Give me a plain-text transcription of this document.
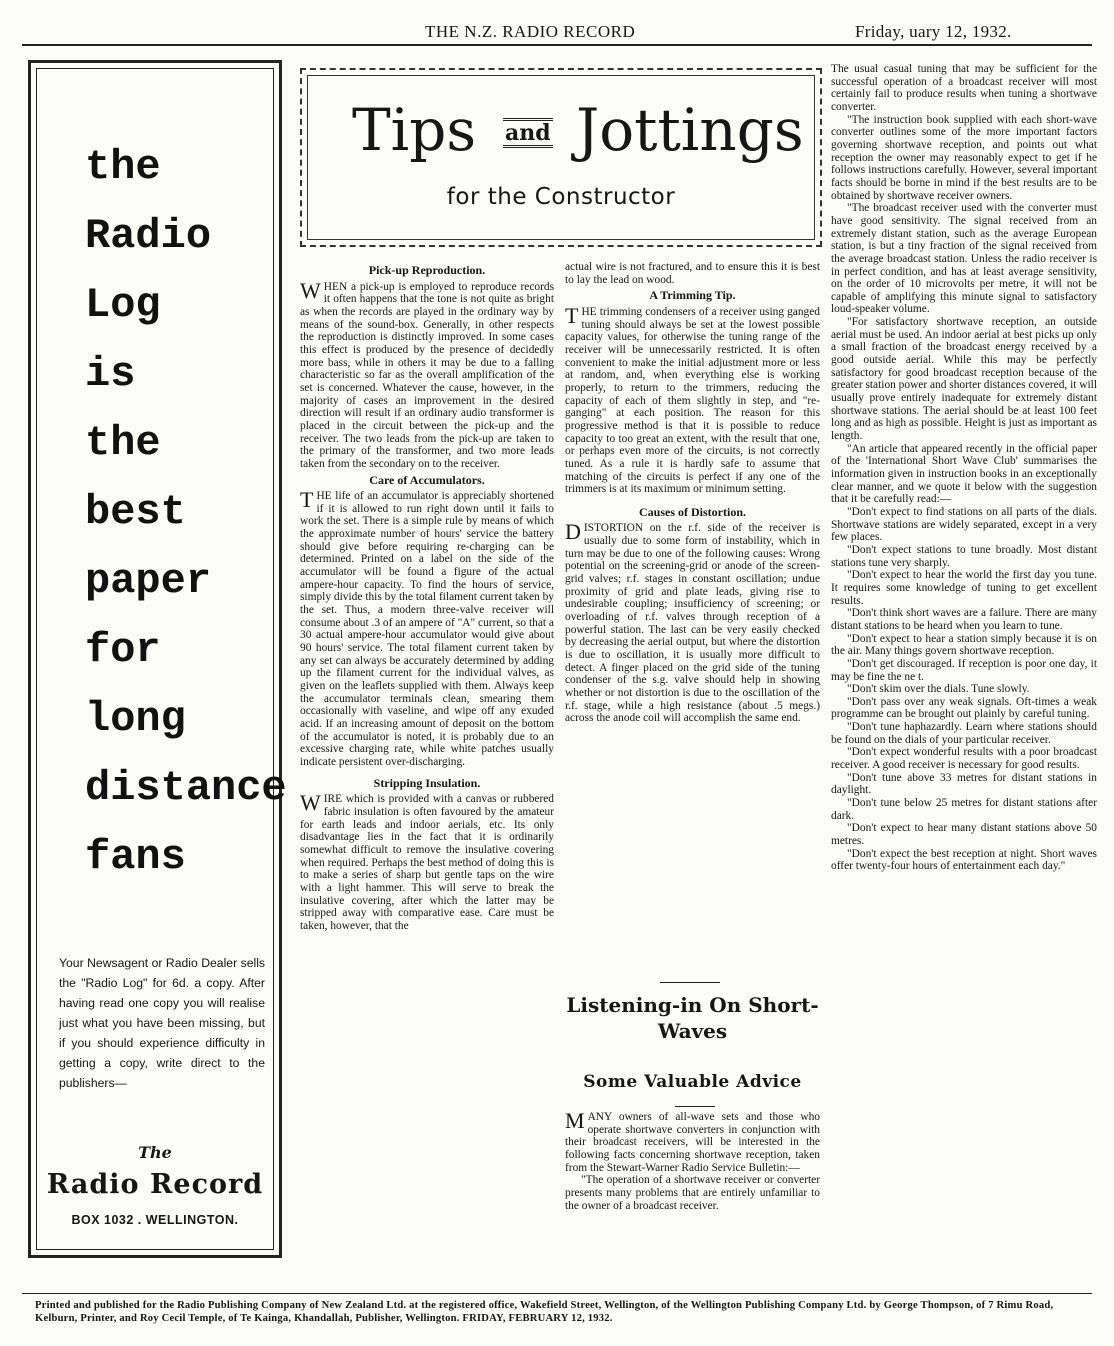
THE N.Z. RADIO RECORD	Friday, uary 12, 1932.
the
Radio
Log
is
the
best
paper
for
long
distance
fans
Your Newsagent or Radio Dealer sells the "Radio Log" for 6d. a copy. After having read one copy you will realise just what you have been missing, but if you should experience difficulty in getting a copy, write direct to the publishers—
The
Radio Record
BOX 1032 . WELLINGTON.
Tips and Jottings
for the Constructor
Pick-up Reproduction.

WHEN a pick-up is employed to reproduce records it often happens that the tone is not quite as bright as when the records are played in the ordinary way by means of the sound-box. Generally, in other respects the reproduction is distinctly improved. In some cases this effect is produced by the presence of decidedly more bass, while in others it may be due to a falling characteristic so far as the overall amplification of the set is concerned. Whatever the cause, however, in the majority of cases an improvement in the desired direction will result if an ordinary audio transformer is placed in the circuit between the pick-up and the receiver. The two leads from the pick-up are taken to the primary of the transformer, and two more leads taken from the secondary on to the receiver.

Care of Accumulators.

THE life of an accumulator is appreciably shortened if it is allowed to run right down until it fails to work the set. There is a simple rule by means of which the approximate number of hours' service the battery should give before requiring re-charging can be determined. Printed on a label on the side of the accumulator will be found a figure of the actual ampere-hour capacity. To find the hours of service, simply divide this by the total filament current taken by the set. Thus, a modern three-valve receiver will consume about .3 of an ampere of "A" current, so that a 30 actual ampere-hour accumulator would give about 90 hours' service. The total filament current taken by any set can always be accurately determined by adding up the filament current for the individual valves, as given on the leaflets supplied with them. Always keep the accumulator terminals clean, smearing them occasionally with vaseline, and wipe off any exuded acid. If an increasing amount of deposit on the bottom of the accumulator is noted, it is probably due to an excessive charging rate, while white patches usually indicate persistent over-discharging.

Stripping Insulation.

WIRE which is provided with a canvas or rubbered fabric insulation is often favoured by the amateur for earth leads and indoor aerials, etc. Its only disadvantage lies in the fact that it is ordinarily somewhat difficult to remove the insulative covering when required. Perhaps the best method of doing this is to make a series of sharp but gentle taps on the wire with a light hammer. This will serve to break the insulative covering, after which the latter may be stripped away with comparative ease. Care must be taken, however, that the

actual wire is not fractured, and to ensure this it is best to lay the lead on wood.

A Trimming Tip.

THE trimming condensers of a receiver using ganged tuning should always be set at the lowest possible capacity values, for otherwise the tuning range of the receiver will be unnecessarily restricted. It is often convenient to make the initial adjustment more or less at random, and, when everything else is working properly, to return to the trimmers, reducing the capacity of each of them slightly in step, and "re-ganging" at each position. The reason for this progressive method is that it is possible to reduce capacity to too great an extent, with the result that one, or perhaps even more of the circuits, is not correctly tuned. As a rule it is hardly safe to assume that matching of the circuits is perfect if any one of the trimmers is at its maximum or minimum setting.

Causes of Distortion.

DISTORTION on the r.f. side of the receiver is usually due to some form of instability, which in turn may be due to one of the following causes: Wrong potential on the screening-grid or anode of the screen-grid valves; r.f. stages in constant oscillation; undue proximity of grid and plate leads, giving rise to undesirable coupling; insufficiency of screening; or overloading of r.f. valves through reception of a powerful station. The last can be very easily checked by decreasing the aerial output, but where the distortion is due to oscillation, it is usually more difficult to detect. A finger placed on the grid side of the tuning condenser of the s.g. valve should help in showing whether or not distortion is due to the oscillation of the r.f. stage, while a high resistance (about .5 megs.) across the anode coil will accomplish the same end.

Listening-in On Short-Waves
Some Valuable Advice

MANY owners of all-wave sets and those who operate shortwave converters in conjunction with their broadcast receivers, will be interested in the following facts concerning shortwave reception, taken from the Stewart-Warner Radio Service Bulletin:—

"The operation of a shortwave receiver or converter presents many problems that are entirely unfamiliar to the owner of a broadcast receiver.

The usual casual tuning that may be sufficient for the successful operation of a broadcast receiver will most certainly fail to produce results when tuning a shortwave converter.

"The instruction book supplied with each short-wave converter outlines some of the more important factors governing shortwave reception, and points out what reception the owner may reasonably expect to get if he follows instructions carefully. However, several important facts should be borne in mind if the best results are to be obtained by shortwave receiver owners.

"The broadcast receiver used with the converter must have good sensitivity. The signal received from an extremely distant station, such as the average European station, is but a tiny fraction of the signal received from the average broadcast station. Unless the radio receiver is in perfect condition, and has at least average sensitivity, on the order of 10 microvolts per metre, it will not be capable of amplifying this minute signal to satisfactory loud-speaker volume.

"For satisfactory shortwave reception, an outside aerial must be used. An indoor aerial at best picks up only a small fraction of the broadcast energy received by a good outside aerial. While this may be perfectly satisfactory for good broadcast reception because of the greater station power and shorter distances covered, it will usually prove entirely inadequate for extremely distant shortwave stations. The aerial should be at least 100 feet long and as high as possible. Height is just as important as length.

"An article that appeared recently in the official paper of the 'International Short Wave Club' summarises the information given in instruction books in an exceptionally clear manner, and we quote it below with the suggestion that it be carefully read:—

"Don't expect to find stations on all parts of the dials. Shortwave stations are widely separated, except in a very few places.

"Don't expect stations to tune broadly. Most distant stations tune very sharply.

"Don't expect to hear the world the first day you tune. It requires some knowledge of tuning to get excellent results.

"Don't think short waves are a failure. There are many distant stations to be heard when you learn to tune.

"Don't expect to hear a station simply because it is on the air. Many things govern shortwave reception.

"Don't get discouraged. If reception is poor one day, it may be fine the ne t.

"Don't skim over the dials. Tune slowly.

"Don't pass over any weak signals. Oft-times a weak programme can be brought out plainly by careful tuning.

"Don't tune haphazardly. Learn where stations should be found on the dials of your particular receiver.

"Don't expect wonderful results with a poor broadcast receiver. A good receiver is necessary for good results.

"Don't tune above 33 metres for distant stations in daylight.

"Don't tune below 25 metres for distant stations after dark.

"Don't expect to hear many distant stations above 50 metres.

"Don't expect the best reception at night. Short waves offer twenty-four hours of entertainment each day."

Printed and published for the Radio Publishing Company of New Zealand Ltd. at the registered office, Wakefield Street, Wellington, of the Wellington Publishing Company Ltd. by George Thompson, of 7 Rimu Road, Kelburn, Printer, and Roy Cecil Temple, of Te Kainga, Khandallah, Publisher, Wellington. FRIDAY, FEBRUARY 12, 1932.
